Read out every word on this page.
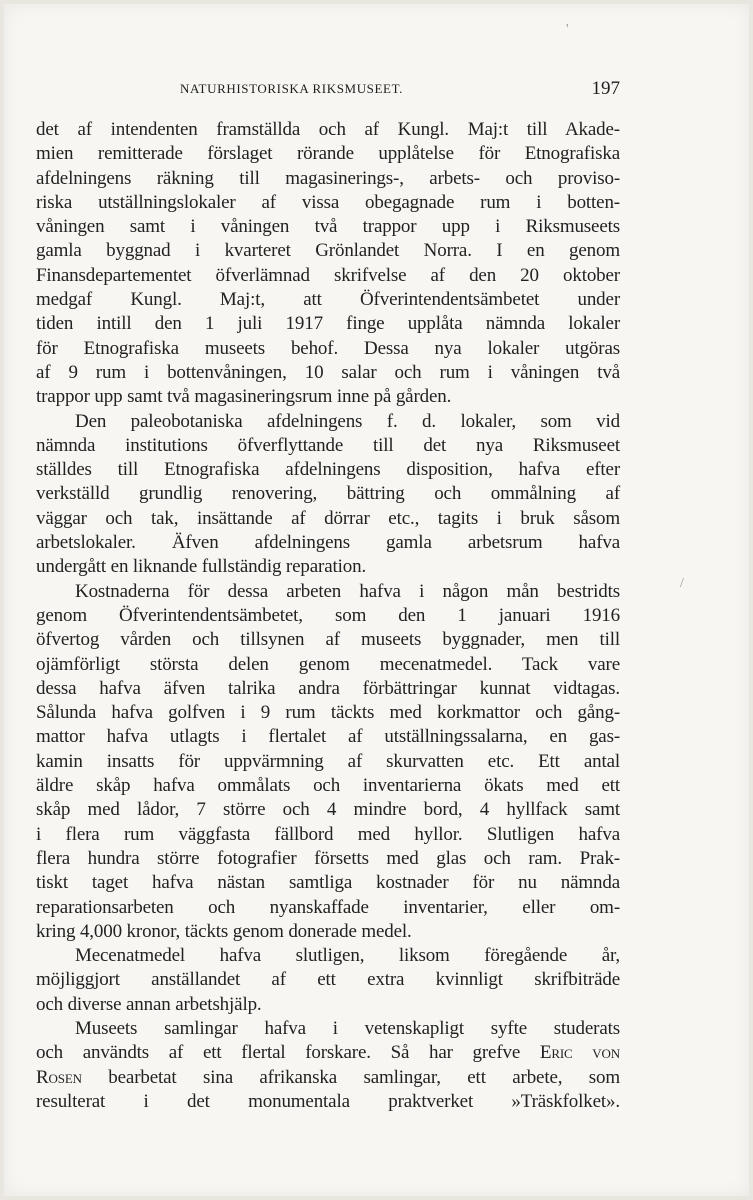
'
/
NATURHISTORISKA RIKSMUSEET.	197
det af intendenten framställda och af Kungl. Maj:t till Akade-
mien remitterade förslaget rörande upplåtelse för Etnografiska
afdelningens räkning till magasinerings-, arbets- och proviso-
riska utställningslokaler af vissa obegagnade rum i botten-
våningen samt i våningen två trappor upp i Riksmuseets
gamla byggnad i kvarteret Grönlandet Norra. I en genom
Finansdepartementet öfverlämnad skrifvelse af den 20 oktober
medgaf Kungl. Maj:t, att Öfverintendentsämbetet under
tiden intill den 1 juli 1917 finge upplåta nämnda lokaler
för Etnografiska museets behof. Dessa nya lokaler utgöras
af 9 rum i bottenvåningen, 10 salar och rum i våningen två
trappor upp samt två magasineringsrum inne på gården.
Den paleobotaniska afdelningens f. d. lokaler, som vid
nämnda institutions öfverflyttande till det nya Riksmuseet
ställdes till Etnografiska afdelningens disposition, hafva efter
verkställd grundlig renovering, bättring och ommålning af
väggar och tak, insättande af dörrar etc., tagits i bruk såsom
arbetslokaler. Äfven afdelningens gamla arbetsrum hafva
undergått en liknande fullständig reparation.
Kostnaderna för dessa arbeten hafva i någon mån bestridts
genom Öfverintendentsämbetet, som den 1 januari 1916
öfvertog vården och tillsynen af museets byggnader, men till
ojämförligt största delen genom mecenatmedel. Tack vare
dessa hafva äfven talrika andra förbättringar kunnat vidtagas.
Sålunda hafva golfven i 9 rum täckts med korkmattor och gång-
mattor hafva utlagts i flertalet af utställningssalarna, en gas-
kamin insatts för uppvärmning af skurvatten etc. Ett antal
äldre skåp hafva ommålats och inventarierna ökats med ett
skåp med lådor, 7 större och 4 mindre bord, 4 hyllfack samt
i flera rum väggfasta fällbord med hyllor. Slutligen hafva
flera hundra större fotografier försetts med glas och ram. Prak-
tiskt taget hafva nästan samtliga kostnader för nu nämnda
reparationsarbeten och nyanskaffade inventarier, eller om-
kring 4,000 kronor, täckts genom donerade medel.
Mecenatmedel hafva slutligen, liksom föregående år,
möjliggjort anställandet af ett extra kvinnligt skrifbiträde
och diverse annan arbetshjälp.
Museets samlingar hafva i vetenskapligt syfte studerats
och användts af ett flertal forskare. Så har grefve Eric von
Rosen bearbetat sina afrikanska samlingar, ett arbete, som
resulterat i det monumentala praktverket »Träskfolket».
